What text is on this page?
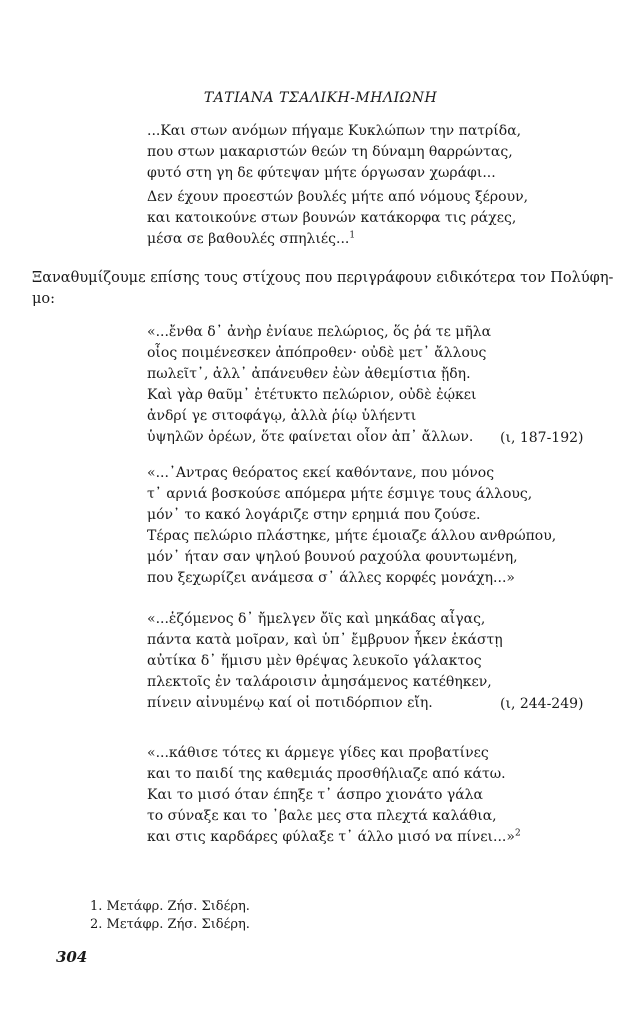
ΤΑΤΙΑΝΑ ΤΣΑΛΙΚΗ-ΜΗΛΙΩΝΗ
...Και στων ανόμων πήγαμε Κυκλώπων την πατρίδα,
που στων μακαριστών θεών τη δύναμη θαρρώντας,
φυτό στη γη δε φύτεψαν μήτε όργωσαν χωράφι...
Δεν έχουν προεστών βουλές μήτε από νόμους ξέρουν,
και κατοικούνε στων βουνών κατάκορφα τις ράχες,
μέσα σε βαθουλές σπηλιές...$^1$
Ξαναθυμίζουμε επίσης τους στίχους που περιγράφουν ειδικότερα τον Πολύφη-
μο:
«...ἔνθα δ᾽ ἀνὴρ ἐνίαυε πελώριος, ὅς ῥά τε μῆλα
οἶος ποιμένεσκεν ἀπόπροθεν· οὐδὲ μετ᾽ ἄλλους
πωλεῖτ᾽, ἀλλ᾽ ἀπάνευθεν ἐὼν ἀθεμίστια ᾔδη.
Καὶ γὰρ θαῦμ᾽ ἐτέτυκτο πελώριον, οὐδὲ ἐῴκει
ἀνδρί γε σιτοφάγῳ, ἀλλὰ ῥίῳ ὑλήεντι
ὑψηλῶν ὀρέων, ὅτε φαίνεται οἶον ἀπ᾽ ἄλλων.	(ι, 187-192)
«...᾽Αντρας θεόρατος εκεί καθόντανε, που μόνος
τ᾽ αρνιά βοσκούσε απόμερα μήτε έσμιγε τους άλλους,
μόν᾽ το κακό λογάριζε στην ερημιά που ζούσε.
Τέρας πελώριο πλάστηκε, μήτε έμοιαζε άλλου ανθρώπου,
μόν᾽ ήταν σαν ψηλού βουνού ραχούλα φουντωμένη,
που ξεχωρίζει ανάμεσα σ᾽ άλλες κορφές μονάχη...»
«...ἑζόμενος δ᾽ ἤμελγεν ὄϊς καὶ μηκάδας αἶγας,
πάντα κατὰ μοῖραν, καὶ ὑπ᾽ ἔμβρυον ἧκεν ἑκάστῃ
αὐτίκα δ᾽ ἥμισυ μὲν θρέψας λευκοῖο γάλακτος
πλεκτοῖς ἐν ταλάροισιν ἀμησάμενος κατέθηκεν,
πίνειν αἰνυμένῳ καί οἱ ποτιδόρπιον εἴη.	(ι, 244-249)
«...κάθισε τότες κι άρμεγε γίδες και προβατίνες
και το παιδί της καθεμιάς προσθήλιαζε από κάτω.
Και το μισό όταν έπηξε τ᾽ άσπρο χιονάτο γάλα
το σύναξε και το ᾽βαλε μες στα πλεχτά καλάθια,
και στις καρδάρες φύλαξε τ᾽ άλλο μισό να πίνει...»$^2$
1. Μετάφρ. Ζήσ. Σιδέρη.
2. Μετάφρ. Ζήσ. Σιδέρη.
304
